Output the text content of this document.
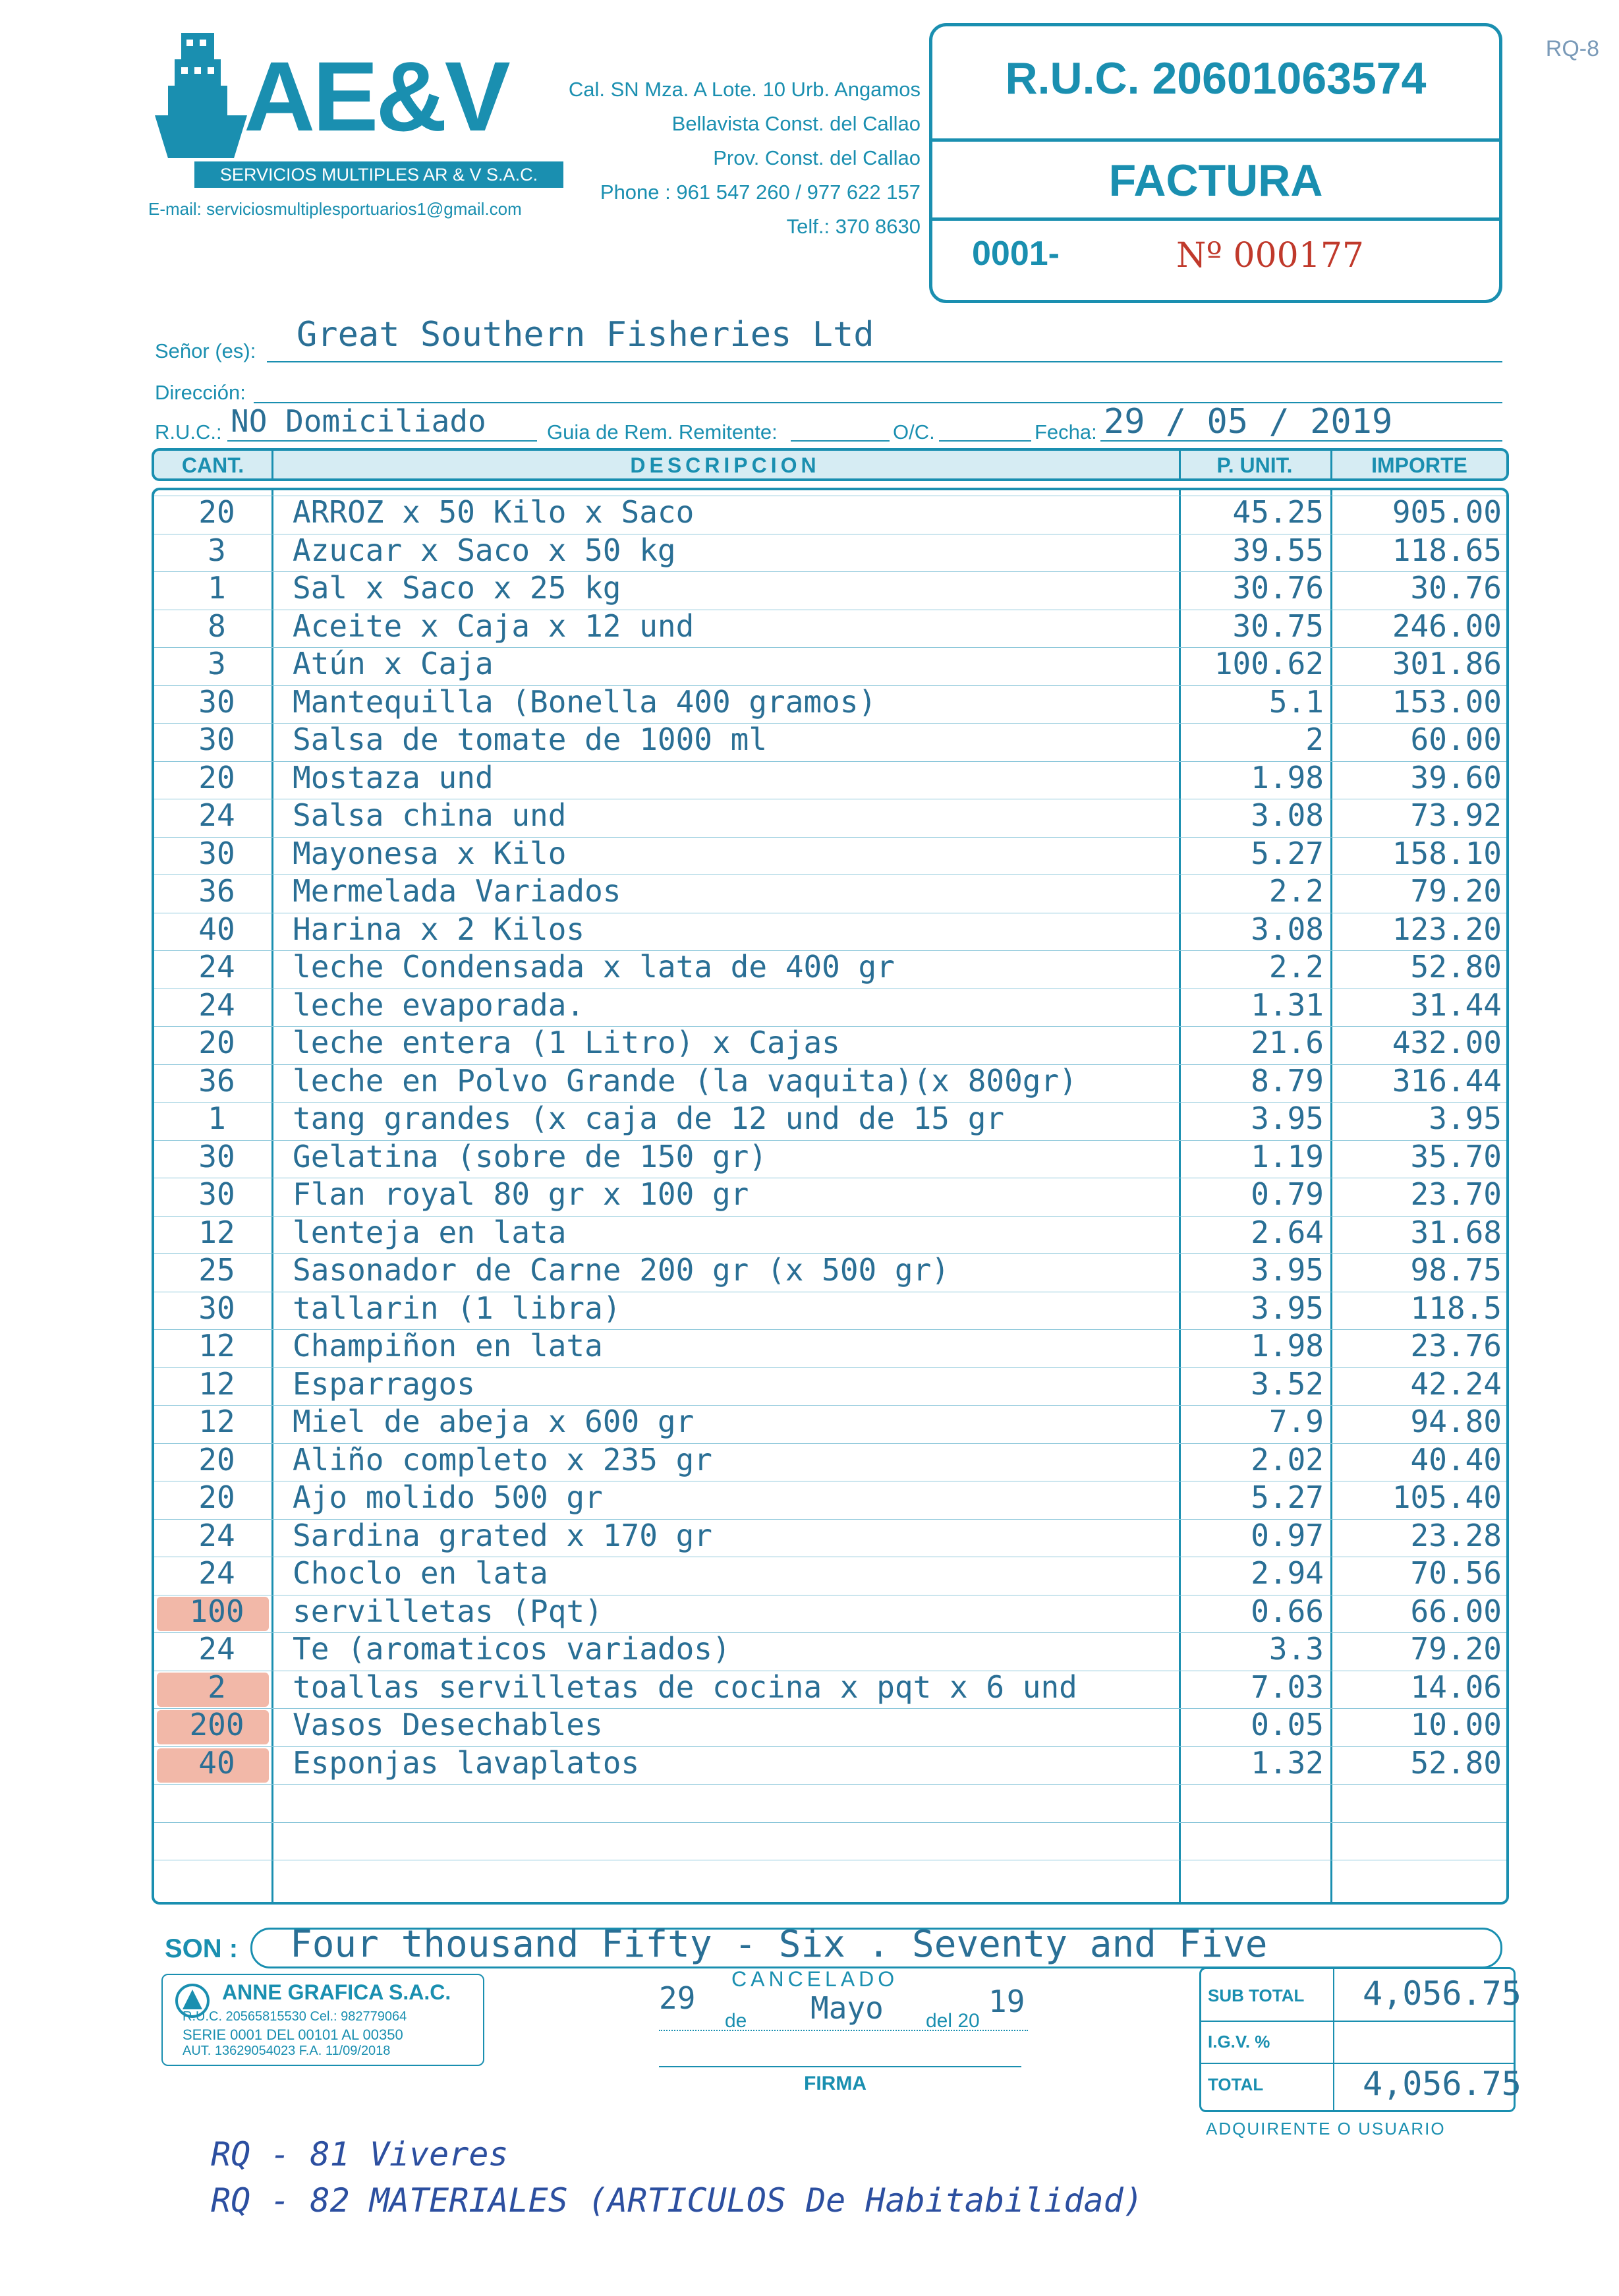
AE&V
SERVICIOS MULTIPLES AR & V S.A.C.
E-mail: serviciosmultiplesportuarios1@gmail.com
Cal. SN Mza. A Lote. 10 Urb. Angamos
Bellavista Const. del Callao
Prov. Const. del Callao
Phone : 961 547 260 / 977 622 157
Telf.: 370 8630
R.U.C. 20601063574
FACTURA
0001-	Nº 000177
RQ-8
Señor (es): Great Southern Fisheries Ltd
Dirección:
R.U.C.: NO Domiciliado	Guia de Rem. Remitente:	O/C.	Fecha: 29 / 05 / 2019
CANT.	DESCRIPCION	P. UNIT.	IMPORTE
20	ARROZ x 50 Kilo x Saco	45.25	905.00
3	Azucar x Saco x 50 kg	39.55	118.65
1	Sal x Saco x 25 kg	30.76	30.76
8	Aceite x Caja x 12 und	30.75	246.00
3	Atún x Caja	100.62	301.86
30	Mantequilla (Bonella 400 gramos)	5.1	153.00
30	Salsa de tomate de 1000 ml	2	60.00
20	Mostaza und	1.98	39.60
24	Salsa china und	3.08	73.92
30	Mayonesa x Kilo	5.27	158.10
36	Mermelada Variados	2.2	79.20
40	Harina x 2 Kilos	3.08	123.20
24	leche Condensada x lata de 400 gr	2.2	52.80
24	leche evaporada.	1.31	31.44
20	leche entera (1 Litro) x Cajas	21.6	432.00
36	leche en Polvo Grande (la vaquita)(x 800gr)	8.79	316.44
1	tang grandes (x caja de 12 und de 15 gr	3.95	3.95
30	Gelatina (sobre de 150 gr)	1.19	35.70
30	Flan royal 80 gr x 100 gr	0.79	23.70
12	lenteja en lata	2.64	31.68
25	Sasonador de Carne 200 gr (x 500 gr)	3.95	98.75
30	tallarin (1 libra)	3.95	118.5
12	Champiñon en lata	1.98	23.76
12	Esparragos	3.52	42.24
12	Miel de abeja x 600 gr	7.9	94.80
20	Aliño completo x 235 gr	2.02	40.40
20	Ajo molido 500 gr	5.27	105.40
24	Sardina grated x 170 gr	0.97	23.28
24	Choclo en lata	2.94	70.56
100	servilletas (Pqt)	0.66	66.00
24	Te (aromaticos variados)	3.3	79.20
2	toallas servilletas de cocina x pqt x 6 und	7.03	14.06
200	Vasos Desechables	0.05	10.00
40	Esponjas lavaplatos	1.32	52.80
SON : Four thousand Fifty - Six . Seventy and Five
ANNE GRAFICA S.A.C.
R.U.C. 20565815530 Cel.: 982779064
SERIE 0001 DEL 00101 AL 00350
AUT. 13629054023 F.A. 11/09/2018
CANCELADO
29
de Mayo del 20
19
FIRMA
SUB TOTAL 4,056.75
I.G.V. %
TOTAL	4,056.75
ADQUIRENTE O USUARIO
RQ - 81 Viveres
RQ - 82 MATERIALES (ARTICULOS De Habitabilidad)
